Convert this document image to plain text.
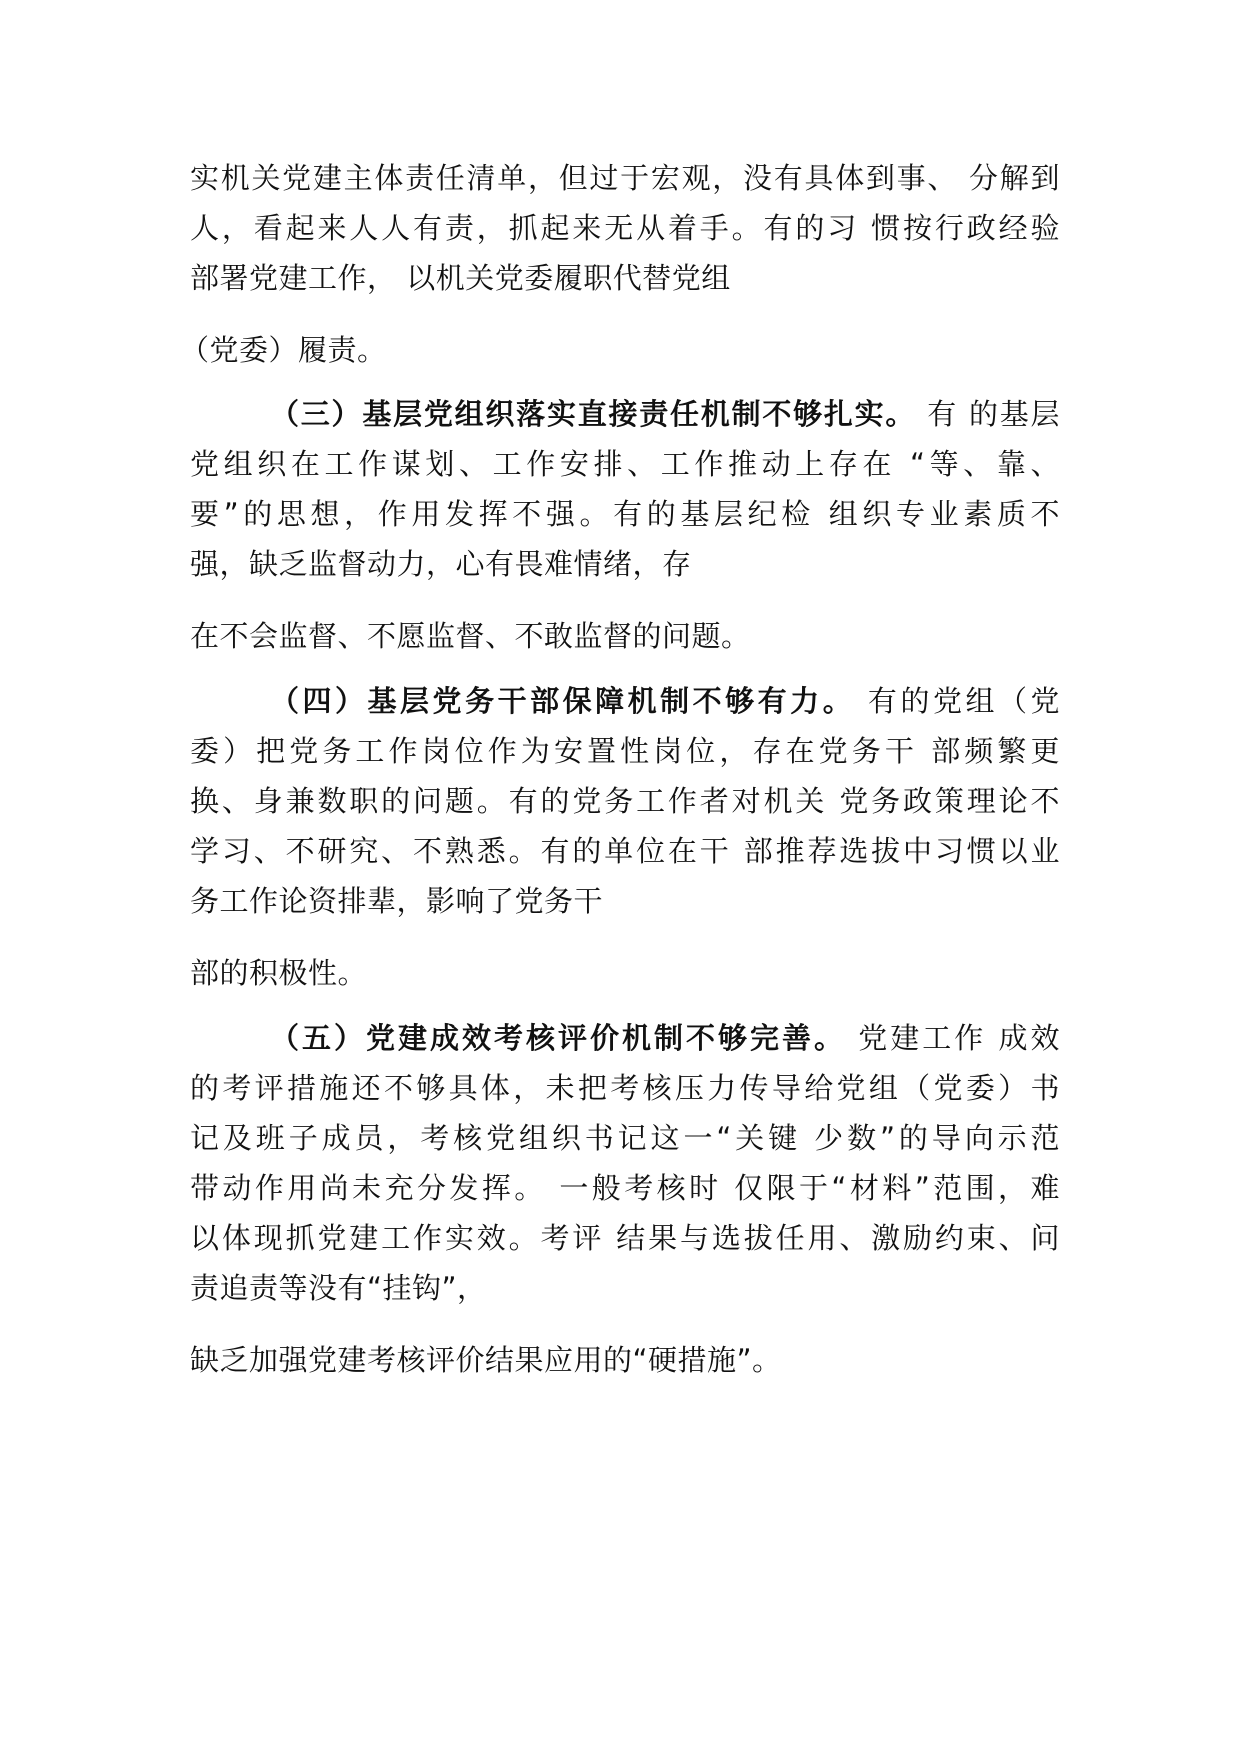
实机关党建主体责任清单，但过于宏观，没有具体到事、 分解到
人，看起来人人有责，抓起来无从着手。有的习 惯按行政经验
部署党建工作， 以机关党委履职代替党组
（党委）履责。
（三）基层党组织落实直接责任机制不够扎实。 有 的基层
党组织在工作谋划、工作安排、工作推动上存在 “等、靠、
要”的思想，作用发挥不强。有的基层纪检 组织专业素质不
强，缺乏监督动力，心有畏难情绪，存
在不会监督、不愿监督、不敢监督的问题。
（四）基层党务干部保障机制不够有力。 有的党组（党
委）把党务工作岗位作为安置性岗位，存在党务干 部频繁更
换、身兼数职的问题。有的党务工作者对机关 党务政策理论不
学习、不研究、不熟悉。有的单位在干 部推荐选拔中习惯以业
务工作论资排辈，影响了党务干
部的积极性。
（五）党建成效考核评价机制不够完善。 党建工作 成效
的考评措施还不够具体，未把考核压力传导给党组（党委）书
记及班子成员，考核党组织书记这一“关键 少数”的导向示范
带动作用尚未充分发挥。 一般考核时 仅限于“材料”范围，难
以体现抓党建工作实效。考评 结果与选拔任用、激励约束、问
责追责等没有“挂钩”，
缺乏加强党建考核评价结果应用的“硬措施”。
